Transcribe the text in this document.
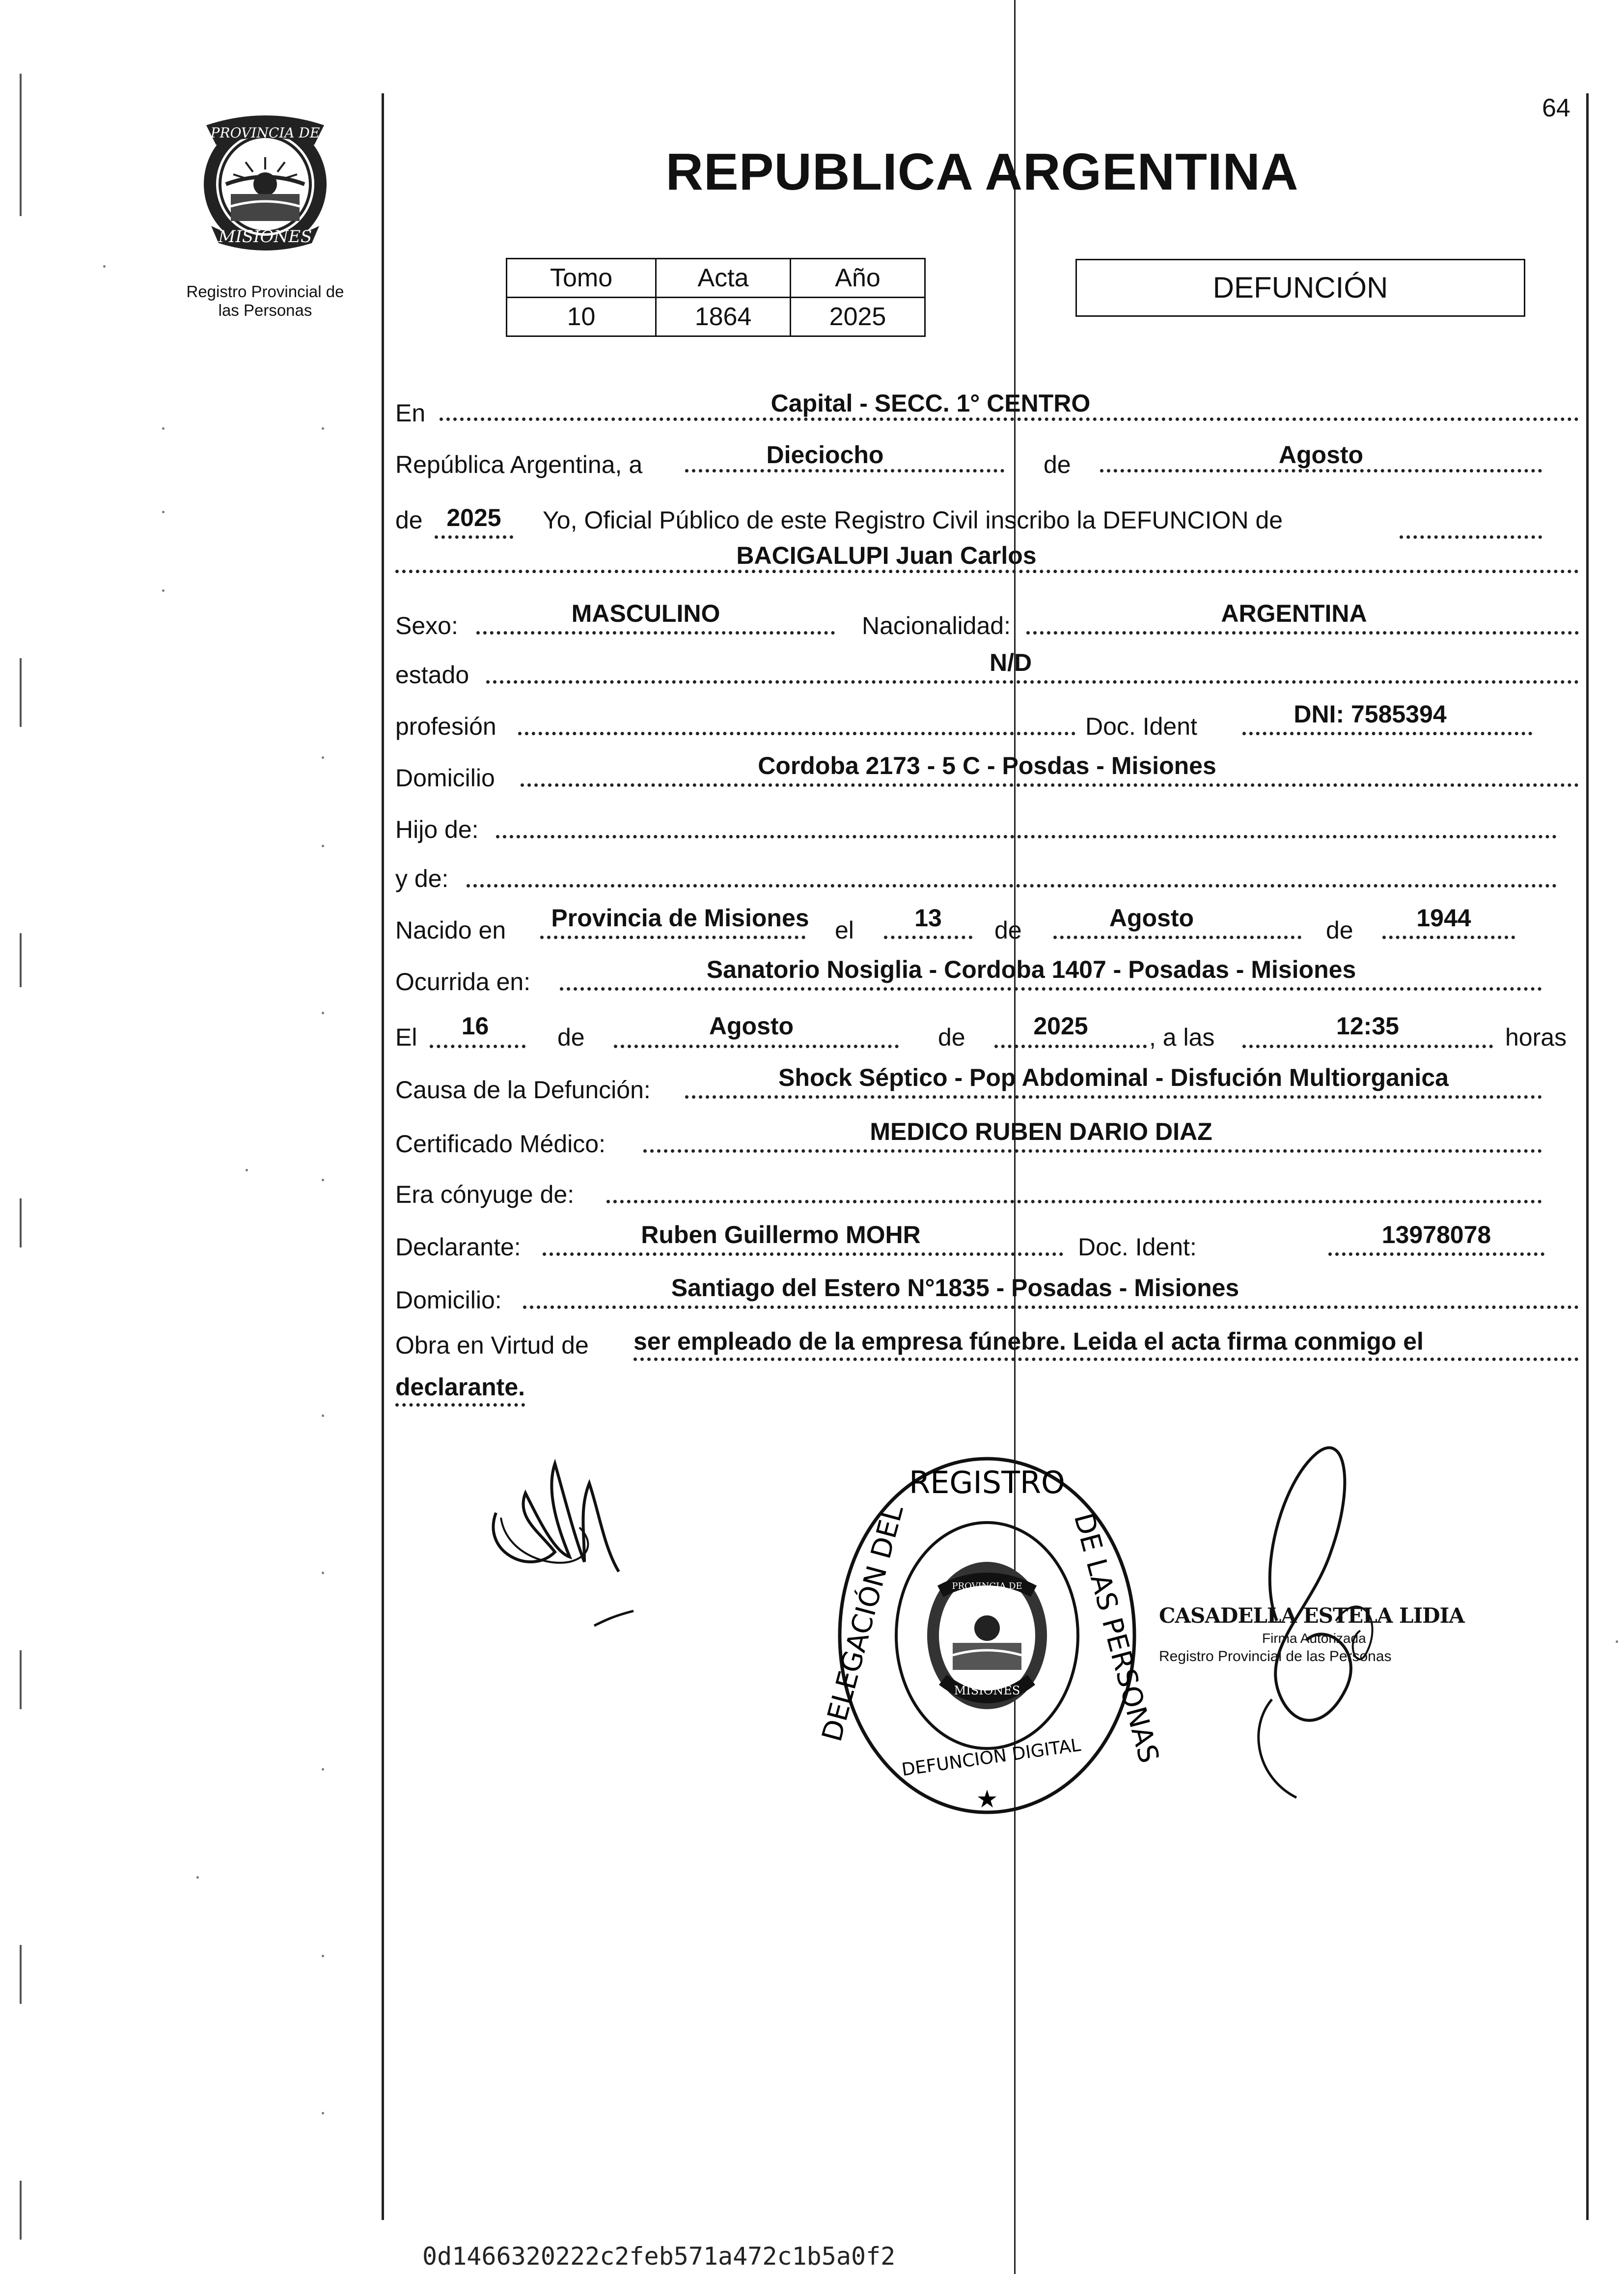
64
PROVINCIA DE
MISIONES
Registro Provincial de
las Personas
REPUBLICA ARGENTINA
Tomo	Acta	Año
10	1864	2025
DEFUNCIÓN
En	Capital - SECC. 1° CENTRO
República Argentina, a	Dieciocho	de	Agosto
de 2025	Yo, Oficial Público de este Registro Civil inscribo la DEFUNCION de
BACIGALUPI Juan Carlos
Sexo:	MASCULINO	Nacionalidad:	ARGENTINA
estado	N/D
profesión	Doc. Ident	DNI: 7585394
Domicilio	Cordoba 2173 - 5 C - Posdas - Misiones
Hijo de:
y de:
Nacido en	Provincia de Misiones	el	13	de	Agosto	de	1944
Ocurrida en:	Sanatorio Nosiglia - Cordoba 1407 - Posadas - Misiones
El	16	de	Agosto	de	2025	, a las	12:35	horas
Causa de la Defunción:	Shock Séptico - Pop Abdominal - Disfución Multiorganica
Certificado Médico:	MEDICO RUBEN DARIO DIAZ
Era cónyuge de:
Declarante:	Ruben Guillermo MOHR	Doc. Ident:	13978078
Domicilio:	Santiago del Estero N°1835 - Posadas - Misiones
Obra en Virtud de ser empleado de la empresa fúnebre. Leida el acta firma conmigo el
declarante.
PROVINCIA DE
MISIONES
REGISTRO
DELEGACIÓN DEL	DE LAS PERSONAS
DEFUNCION DIGITAL
★
CASADELLA ESTELA LIDIA
Firma Autorizada
Registro Provincial de las Personas
0d1466320222c2feb571a472c1b5a0f2
